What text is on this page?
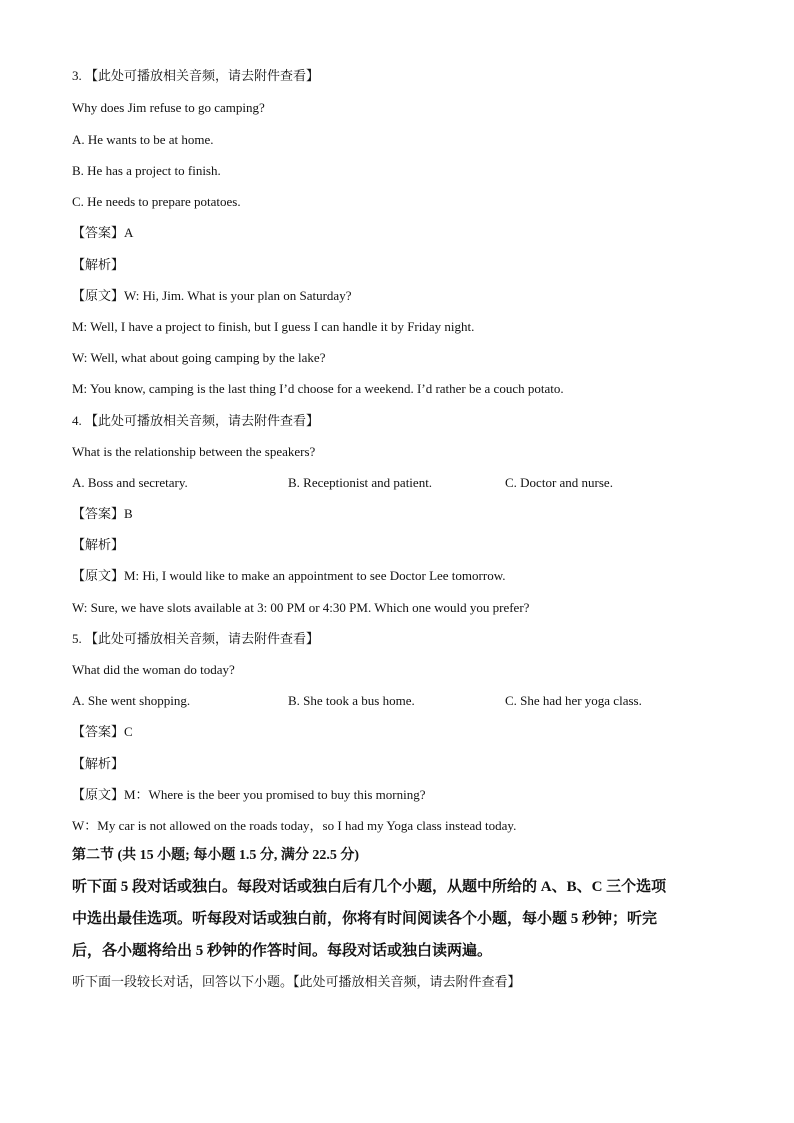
3. 【此处可播放相关音频，请去附件查看】
Why does Jim refuse to go camping?
A. He wants to be at home.
B. He has a project to finish.
C. He needs to prepare potatoes.
【答案】A
【解析】
【原文】W: Hi, Jim. What is your plan on Saturday?
M: Well, I have a project to finish, but I guess I can handle it by Friday night.
W: Well, what about going camping by the lake?
M: You know, camping is the last thing I’d choose for a weekend. I’d rather be a couch potato.
4. 【此处可播放相关音频，请去附件查看】
What is the relationship between the speakers?
A. Boss and secretary.	B. Receptionist and patient.	C. Doctor and nurse.
【答案】B
【解析】
【原文】M: Hi, I would like to make an appointment to see Doctor Lee tomorrow.
W: Sure, we have slots available at 3: 00 PM or 4:30 PM. Which one would you prefer?
5. 【此处可播放相关音频，请去附件查看】
What did the woman do today?
A. She went shopping.	B. She took a bus home.	C. She had her yoga class.
【答案】C
【解析】
【原文】M：Where is the beer you promised to buy this morning?
W：My car is not allowed on the roads today，so I had my Yoga class instead today.
第二节 (共 15 小题; 每小题 1.5 分, 满分 22.5 分)
听下面 5 段对话或独白。每段对话或独白后有几个小题，从题中所给的 A、B、C 三个选项
中选出最佳选项。听每段对话或独白前，你将有时间阅读各个小题，每小题 5 秒钟；听完
后，各小题将给出 5 秒钟的作答时间。每段对话或独白读两遍。
听下面一段较长对话，回答以下小题。【此处可播放相关音频，请去附件查看】
